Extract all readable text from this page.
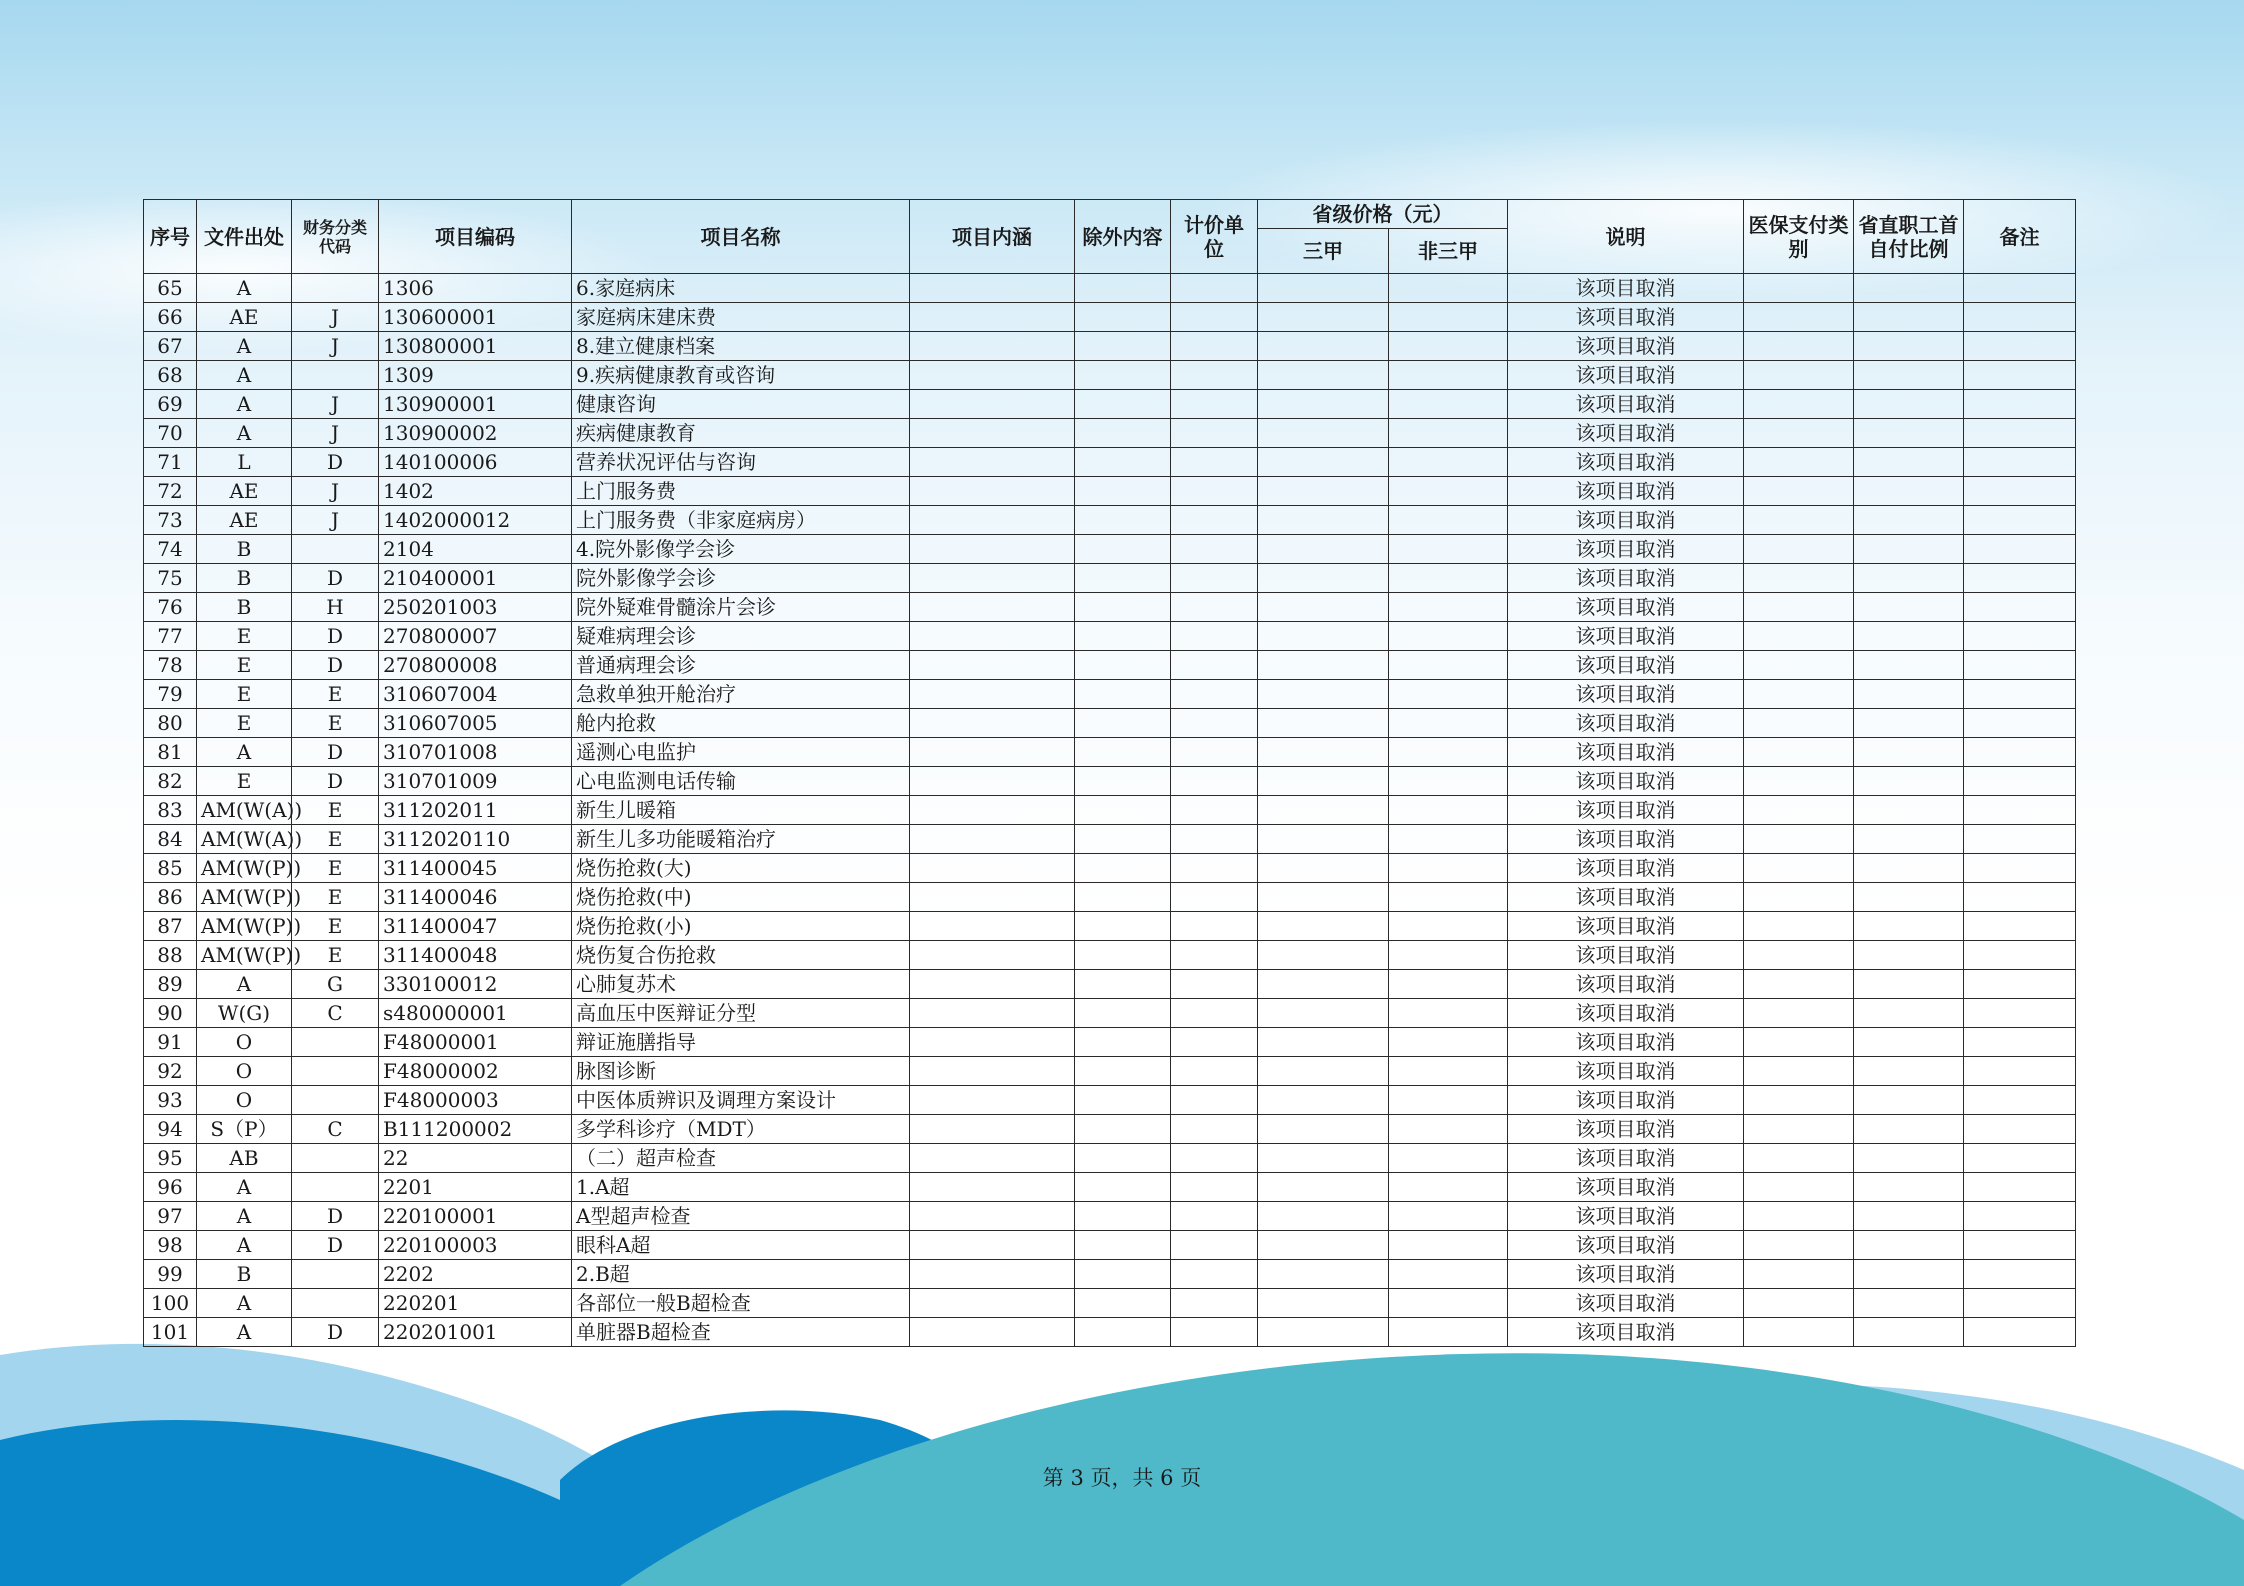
序号	文件出处	财务分类代码	项目编码	项目名称	项目内涵	除外内容	计价单位	省级价格（元）		说明	医保支付类别	省直职工首自付比例	备注
								三甲	非三甲				
65	A		1306	6.家庭病床						该项目取消			
66	AE	J	130600001	家庭病床建床费						该项目取消			
67	A	J	130800001	8.建立健康档案						该项目取消			
68	A		1309	9.疾病健康教育或咨询						该项目取消			
69	A	J	130900001	健康咨询						该项目取消			
70	A	J	130900002	疾病健康教育						该项目取消			
71	L	D	140100006	营养状况评估与咨询						该项目取消			
72	AE	J	1402	上门服务费						该项目取消			
73	AE	J	1402000012	上门服务费（非家庭病房）						该项目取消			
74	B		2104	4.院外影像学会诊						该项目取消			
75	B	D	210400001	院外影像学会诊						该项目取消			
76	B	H	250201003	院外疑难骨髓涂片会诊						该项目取消			
77	E	D	270800007	疑难病理会诊						该项目取消			
78	E	D	270800008	普通病理会诊						该项目取消			
79	E	E	310607004	急救单独开舱治疗						该项目取消			
80	E	E	310607005	舱内抢救						该项目取消			
81	A	D	310701008	遥测心电监护						该项目取消			
82	E	D	310701009	心电监测电话传输						该项目取消			
83	AM(W(A))	E	311202011	新生儿暖箱						该项目取消			
84	AM(W(A))	E	3112020110	新生儿多功能暖箱治疗						该项目取消			
85	AM(W(P))	E	311400045	烧伤抢救(大)						该项目取消			
86	AM(W(P))	E	311400046	烧伤抢救(中)						该项目取消			
87	AM(W(P))	E	311400047	烧伤抢救(小)						该项目取消			
88	AM(W(P))	E	311400048	烧伤复合伤抢救						该项目取消			
89	A	G	330100012	心肺复苏术						该项目取消			
90	W(G)	C	s480000001	高血压中医辩证分型						该项目取消			
91	O		F48000001	辩证施膳指导						该项目取消			
92	O		F48000002	脉图诊断						该项目取消			
93	O		F48000003	中医体质辨识及调理方案设计						该项目取消			
94	S（P）	C	B111200002	多学科诊疗（MDT）						该项目取消			
95	AB		22	（二）超声检查						该项目取消			
96	A		2201	1.A超						该项目取消			
97	A	D	220100001	A型超声检查						该项目取消			
98	A	D	220100003	眼科A超						该项目取消			
99	B		2202	2.B超						该项目取消			
100	A		220201	各部位一般B超检查						该项目取消			
101	A	D	220201001	单脏器B超检查						该项目取消			
第 3 页，共 6 页
